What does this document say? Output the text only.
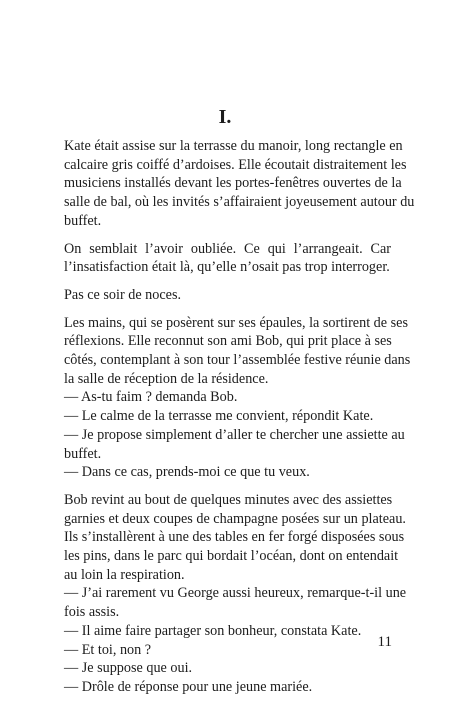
I.
Kate était assise sur la terrasse du manoir, long rectangle en
calcaire gris coiffé d’ardoises. Elle écoutait distraitement les
musiciens installés devant les portes-fenêtres ouvertes de la
salle de bal, où les invités s’affairaient joyeusement autour du
buffet.
On semblait l’avoir oubliée. Ce qui l’arrangeait. Car
l’insatisfaction était là, qu’elle n’osait pas trop interroger.
Pas ce soir de noces.
Les mains, qui se posèrent sur ses épaules, la sortirent de ses
réflexions. Elle reconnut son ami Bob, qui prit place à ses
côtés, contemplant à son tour l’assemblée festive réunie dans
la salle de réception de la résidence.
— As-tu faim ? demanda Bob.
— Le calme de la terrasse me convient, répondit Kate.
— Je propose simplement d’aller te chercher une assiette au
buffet.
— Dans ce cas, prends-moi ce que tu veux.
Bob revint au bout de quelques minutes avec des assiettes
garnies et deux coupes de champagne posées sur un plateau.
Ils s’installèrent à une des tables en fer forgé disposées sous
les pins, dans le parc qui bordait l’océan, dont on entendait
au loin la respiration.
— J’ai rarement vu George aussi heureux, remarque-t-il une
fois assis.
— Il aime faire partager son bonheur, constata Kate.
— Et toi, non ?
— Je suppose que oui.
— Drôle de réponse pour une jeune mariée.
11
